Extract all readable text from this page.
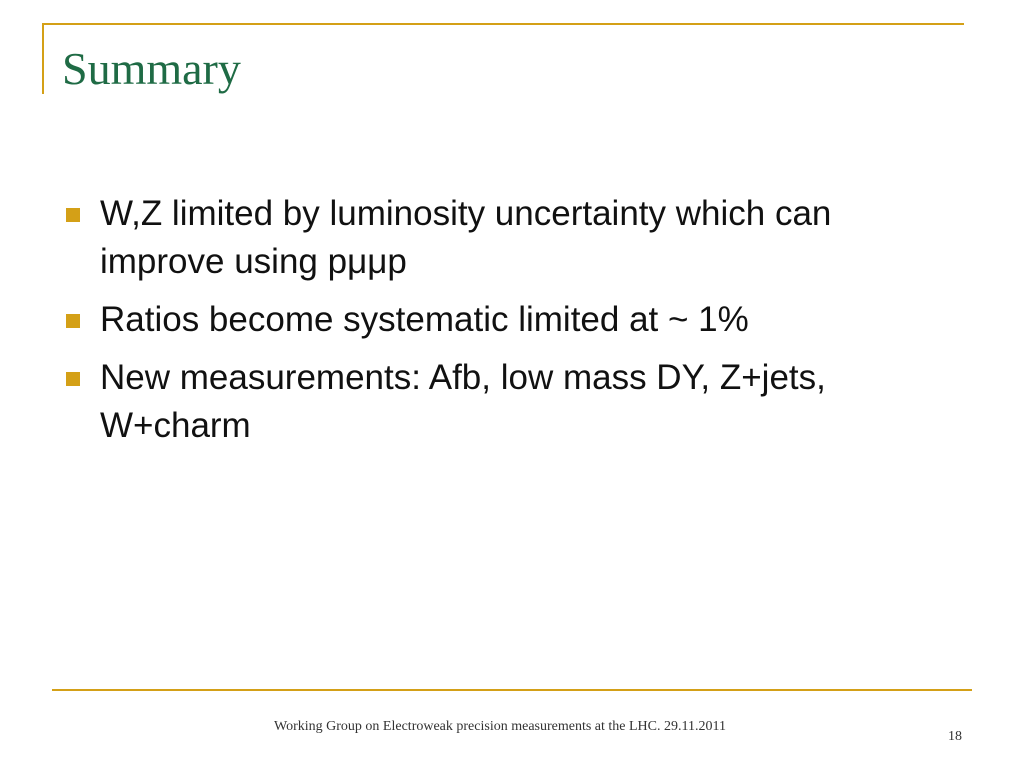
Summary
W,Z limited by luminosity uncertainty which can improve using pμμp
Ratios become systematic limited at ~ 1%
New measurements: Afb, low mass DY, Z+jets, W+charm
Working Group on Electroweak precision measurements at the LHC. 29.11.2011
18
